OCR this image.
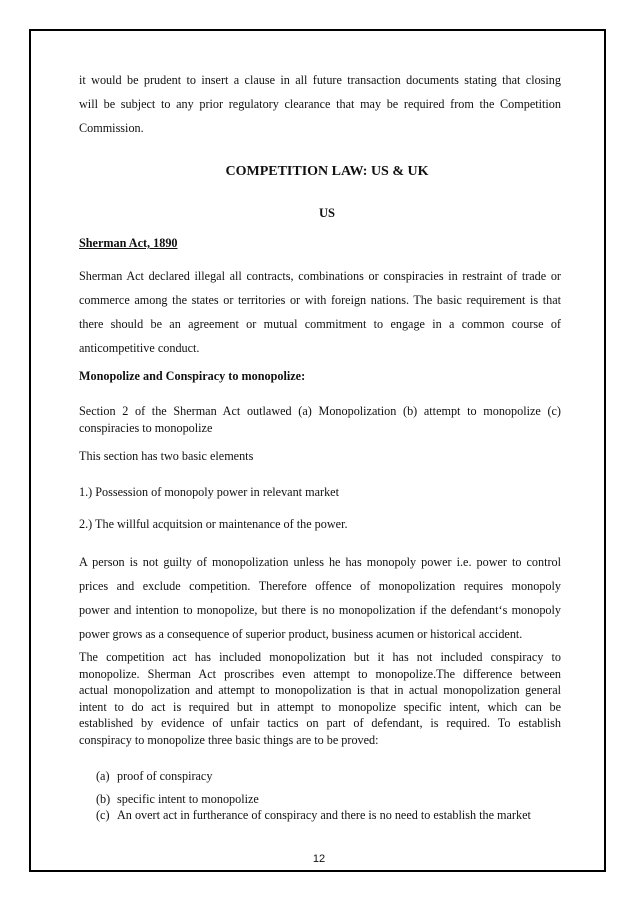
it would be prudent to insert a clause in all future transaction documents stating that closing

will be subject to any prior regulatory clearance that may be required from the Competition

Commission.

COMPETITION LAW: US & UK
US
Sherman Act, 1890

Sherman Act declared illegal all contracts, combinations or conspiracies in restraint of trade or

commerce among the states or territories or with foreign nations. The basic requirement is that

there should be an agreement or mutual commitment to engage in a common course of

anticompetitive conduct.

Monopolize and Conspiracy to monopolize:

Section 2 of the Sherman Act outlawed (a) Monopolization (b) attempt to monopolize (c)

conspiracies to monopolize

This section has two basic elements
1.) Possession of monopoly power in relevant market
2.) The willful acquitsion or maintenance of the power.

A person is not guilty of monopolization unless he has monopoly power i.e. power to control

prices and exclude competition. Therefore offence of monopolization requires monopoly

power and intention to monopolize, but there is no monopolization if the defendant‘s monopoly

power grows as a consequence of superior product, business acumen or historical accident.

The competition act has included monopolization but it has not included conspiracy to

monopolize. Sherman Act proscribes even attempt to monopolize.The difference between

actual monopolization and attempt to monopolization is that in actual monopolization general

intent to do act is required but in attempt to monopolize specific intent, which can be

established by evidence of unfair tactics on part of defendant, is required. To establish

conspiracy to monopolize three basic things are to be proved:

(a) proof of conspiracy
(b) specific intent to monopolize
(c) An overt act in furtherance of conspiracy and there is no need to establish the market
12
